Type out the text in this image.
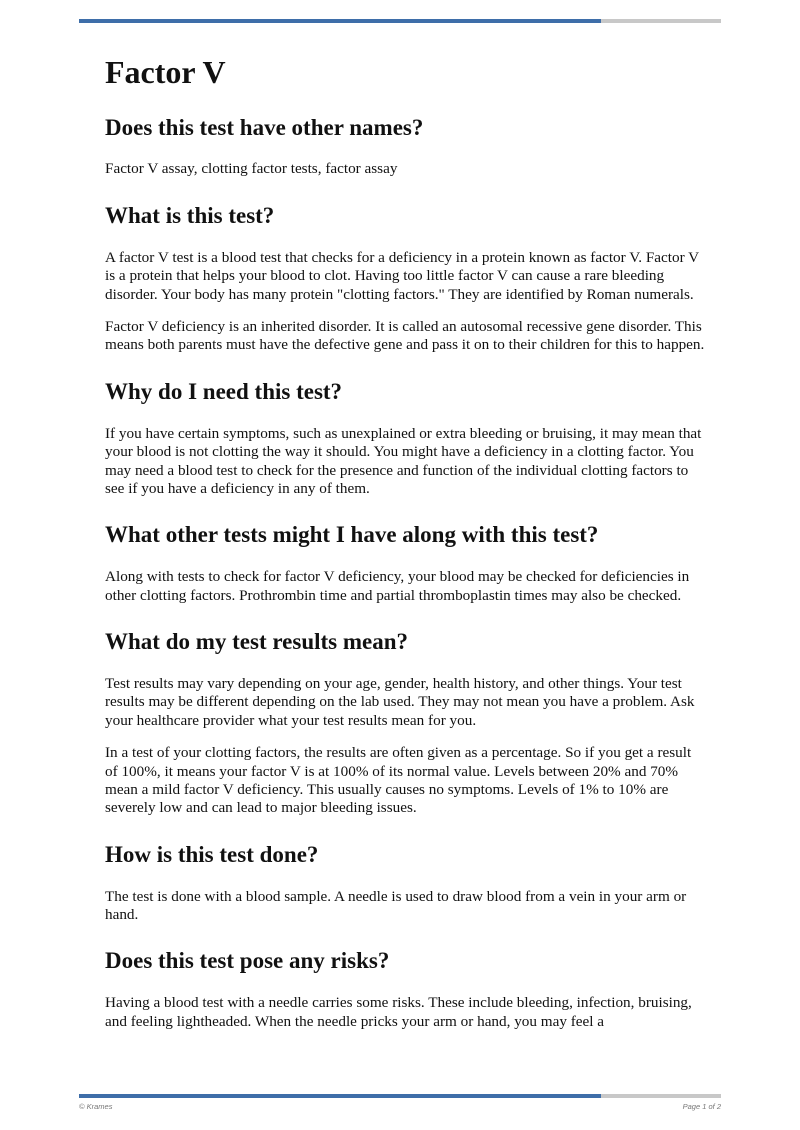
Factor V
Does this test have other names?

Factor V assay, clotting factor tests, factor assay

What is this test?

A factor V test is a blood test that checks for a deficiency in a protein known as factor V. Factor V is a protein that helps your blood to clot. Having too little factor V can cause a rare bleeding disorder. Your body has many protein "clotting factors." They are identified by Roman numerals.

Factor V deficiency is an inherited disorder. It is called an autosomal recessive gene disorder. This means both parents must have the defective gene and pass it on to their children for this to happen.

Why do I need this test?

If you have certain symptoms, such as unexplained or extra bleeding or bruising, it may mean that your blood is not clotting the way it should. You might have a deficiency in a clotting factor. You may need a blood test to check for the presence and function of the individual clotting factors to see if you have a deficiency in any of them.

What other tests might I have along with this test?

Along with tests to check for factor V deficiency, your blood may be checked for deficiencies in other clotting factors. Prothrombin time and partial thromboplastin times may also be checked.

What do my test results mean?

Test results may vary depending on your age, gender, health history, and other things. Your test results may be different depending on the lab used. They may not mean you have a problem. Ask your healthcare provider what your test results mean for you.

In a test of your clotting factors, the results are often given as a percentage. So if you get a result of 100%, it means your factor V is at 100% of its normal value. Levels between 20% and 70% mean a mild factor V deficiency. This usually causes no symptoms. Levels of 1% to 10% are severely low and can lead to major bleeding issues.

How is this test done?

The test is done with a blood sample. A needle is used to draw blood from a vein in your arm or hand.

Does this test pose any risks?

Having a blood test with a needle carries some risks. These include bleeding, infection, bruising, and feeling lightheaded. When the needle pricks your arm or hand, you may feel a

© Krames	Page 1 of 2
